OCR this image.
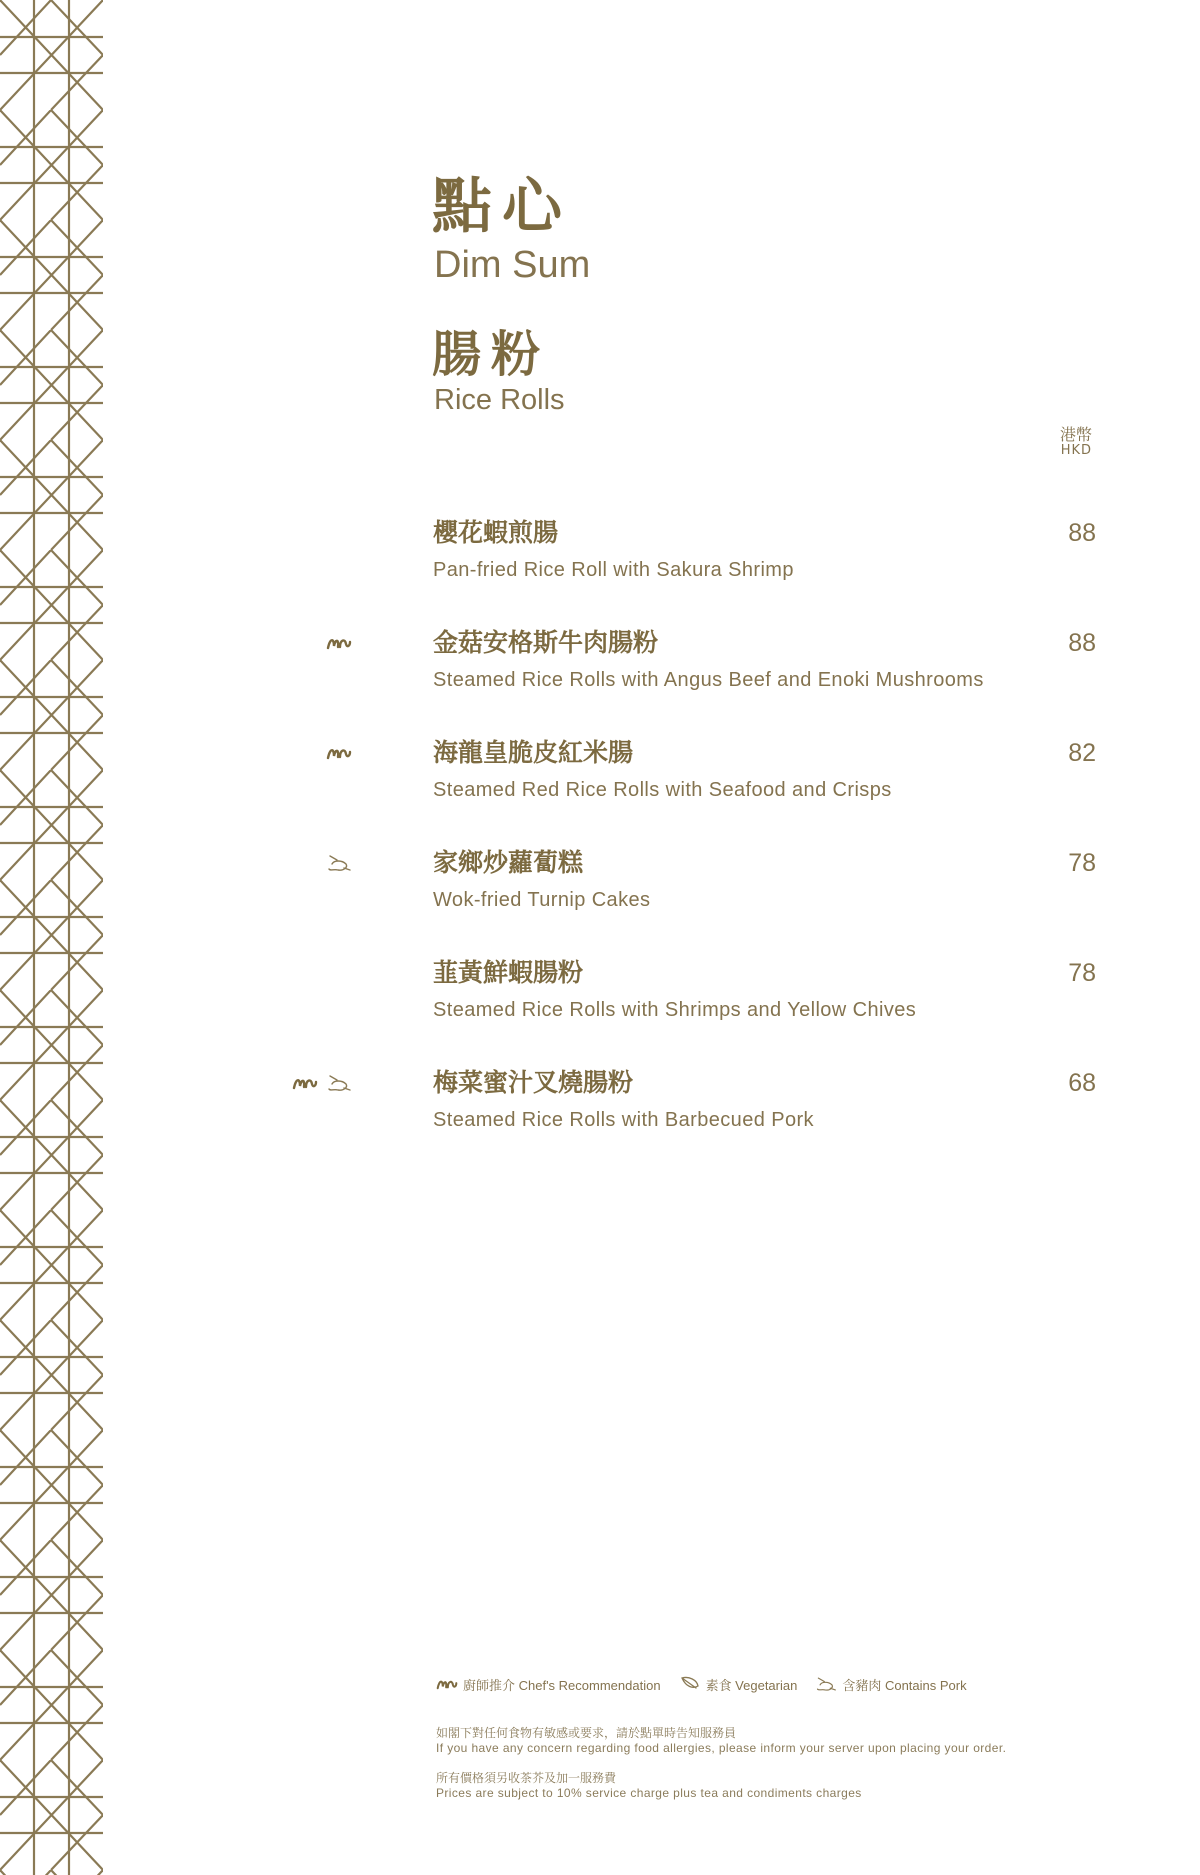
點心
Dim Sum
腸粉
Rice Rolls
港幣
HKD
櫻花蝦煎腸
Pan-fried Rice Roll with Sakura Shrimp
88
金菇安格斯牛肉腸粉
Steamed Rice Rolls with Angus Beef and Enoki Mushrooms
88
海龍皇脆皮紅米腸
Steamed Red Rice Rolls with Seafood and Crisps
82
家鄉炒蘿蔔糕
Wok-fried Turnip Cakes
78
韮黃鮮蝦腸粉
Steamed Rice Rolls with Shrimps and Yellow Chives
78
梅菜蜜汁叉燒腸粉
Steamed Rice Rolls with Barbecued Pork
68
廚師推介 Chef's Recommendation	素食 Vegetarian	含豬肉 Contains Pork
如閣下對任何食物有敏感或要求，請於點單時告知服務員
If you have any concern regarding food allergies, please inform your server upon placing your order.
所有價格須另收茶芥及加一服務費
Prices are subject to 10% service charge plus tea and condiments charges
